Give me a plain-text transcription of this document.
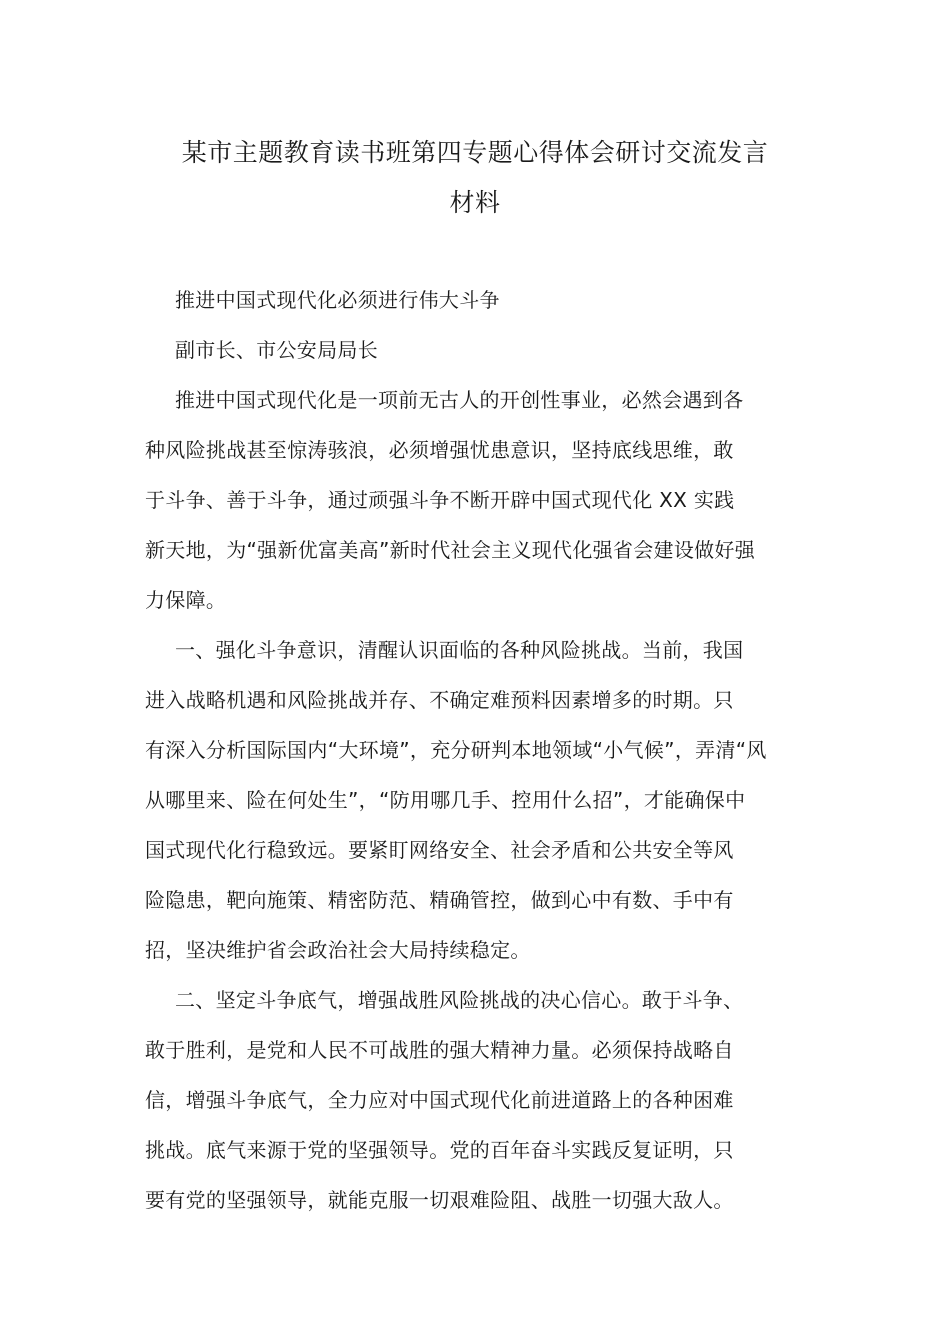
某市主题教育读书班第四专题心得体会研讨交流发言
材料
推进中国式现代化必须进行伟大斗争
副市长、市公安局局长
推进中国式现代化是一项前无古人的开创性事业，必然会遇到各
种风险挑战甚至惊涛骇浪，必须增强忧患意识，坚持底线思维，敢
于斗争、善于斗争，通过顽强斗争不断开辟中国式现代化 XX 实践
新天地，为“强新优富美高”新时代社会主义现代化强省会建设做好强
力保障。
一、强化斗争意识，清醒认识面临的各种风险挑战。当前，我国
进入战略机遇和风险挑战并存、不确定难预料因素增多的时期。只
有深入分析国际国内“大环境”，充分研判本地领域“小气候”，弄清“风
从哪里来、险在何处生”，“防用哪几手、控用什么招”，才能确保中
国式现代化行稳致远。要紧盯网络安全、社会矛盾和公共安全等风
险隐患，靶向施策、精密防范、精确管控，做到心中有数、手中有
招，坚决维护省会政治社会大局持续稳定。
二、坚定斗争底气，增强战胜风险挑战的决心信心。敢于斗争、
敢于胜利，是党和人民不可战胜的强大精神力量。必须保持战略自
信，增强斗争底气，全力应对中国式现代化前进道路上的各种困难
挑战。底气来源于党的坚强领导。党的百年奋斗实践反复证明，只
要有党的坚强领导，就能克服一切艰难险阻、战胜一切强大敌人。
